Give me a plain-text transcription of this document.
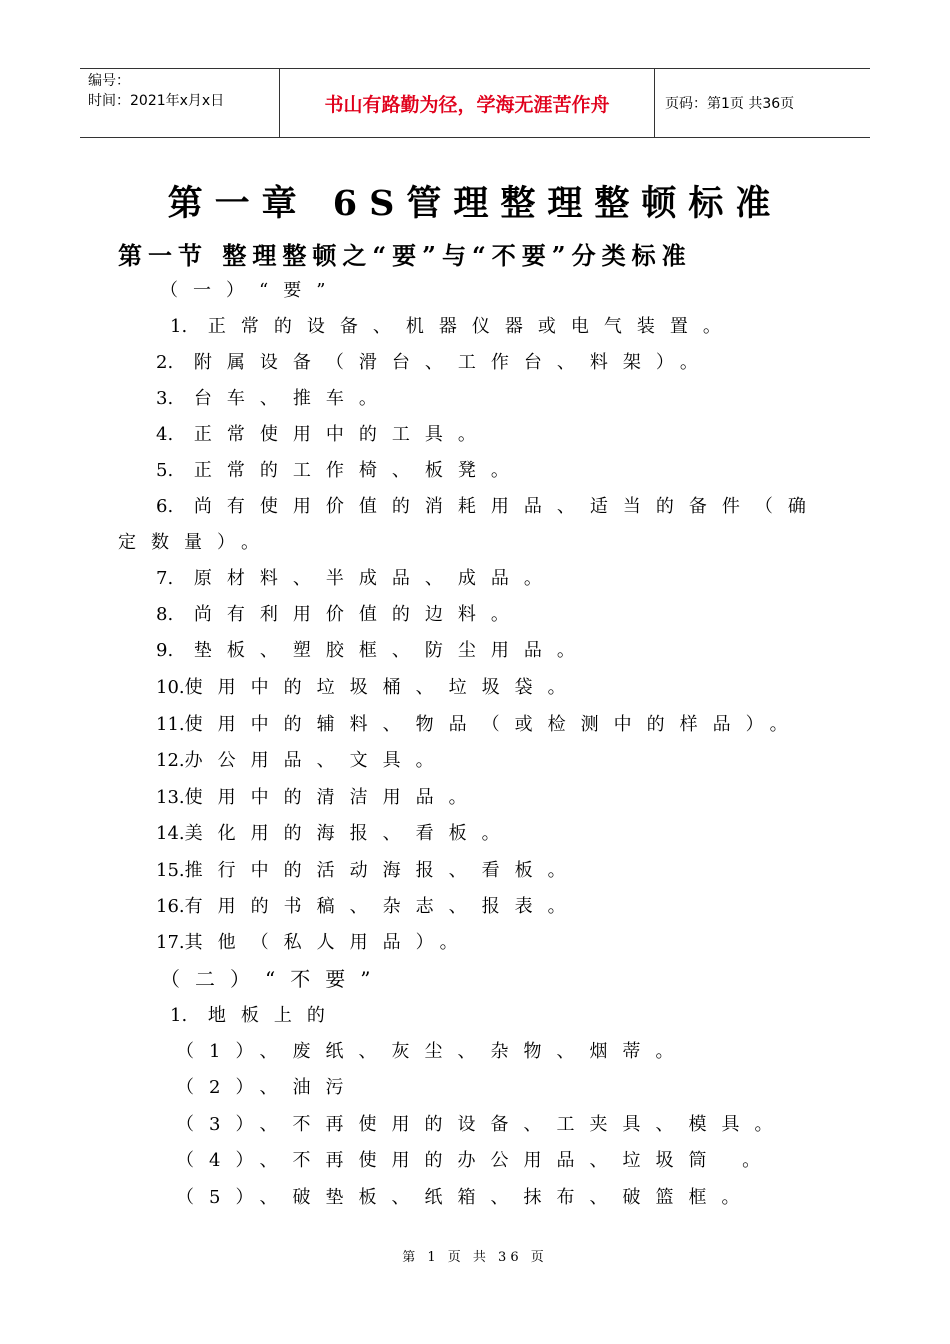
编号：
时间：2021年x月x日	书山有路勤为径，学海无涯苦作舟	页码：第1页 共36页
第一章 6S管理整理整顿标准
第一节 整理整顿之“要”与“不要”分类标准
（一）“要”
1. 正常的设备、机器仪器或电气装置。
2. 附属设备（滑台、工作台、料架）。
3. 台车、推车。
4. 正常使用中的工具。
5. 正常的工作椅、板凳。
6. 尚有使用价值的消耗用品、适当的备件（确
定数量）。
7. 原材料、半成品、成品。
8. 尚有利用价值的边料。
9. 垫板、塑胶框、防尘用品。
10.使用中的垃圾桶、垃圾袋。
11.使用中的辅料、物品（或检测中的样品）。
12.办公用品、文具。
13.使用中的清洁用品。
14.美化用的海报、看板。
15.推行中的活动海报、看板。
16.有用的书稿、杂志、报表。
17.其他（私人用品）。
（二）“不要”
1. 地板上的
（1）、废纸、灰尘、杂物、烟蒂。
（2）、油污
（3）、不再使用的设备、工夹具、模具。
（4）、不再使用的办公用品、垃圾筒 。
（5）、破垫板、纸箱、抹布、破篮框。
第 1 页 共 36 页
